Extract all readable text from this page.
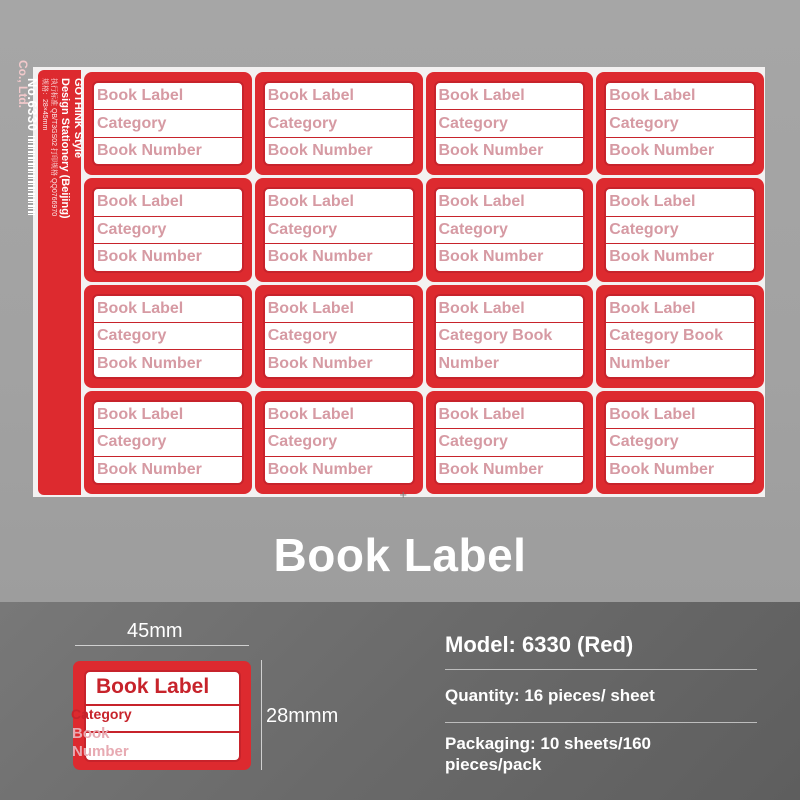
GOTHINK Style
Design Stationery (Beijing)
执行标准 QB/T3GS02 打印规格 QQ0766970
规格：28×45mm
No.6330
Co., Ltd.	Book Label
Category
Book Number
Book Label
Category
Book Number
Book Label
Category
Book Number
Book Label
Category
Book Number
Book Label
Category
Book Number
Book Label
Category
Book Number
Book Label
Category
Book Number
Book Label
Category
Book Number
Book Label
Category
Book Number
Book Label
Category
Book Number
Book Label
Category Book
Number
Book Label
Category Book
Number
Book Label
Category
Book Number
Book Label
Category
Book Number
Book Label
Category
Book Number
Book Label
Category
Book Number
+
Book Label
45mm
28mmm
Book Label
Category
Book Number
Model: 6330 (Red)
Quantity: 16 pieces/ sheet
Packaging: 10 sheets/160 pieces/pack
